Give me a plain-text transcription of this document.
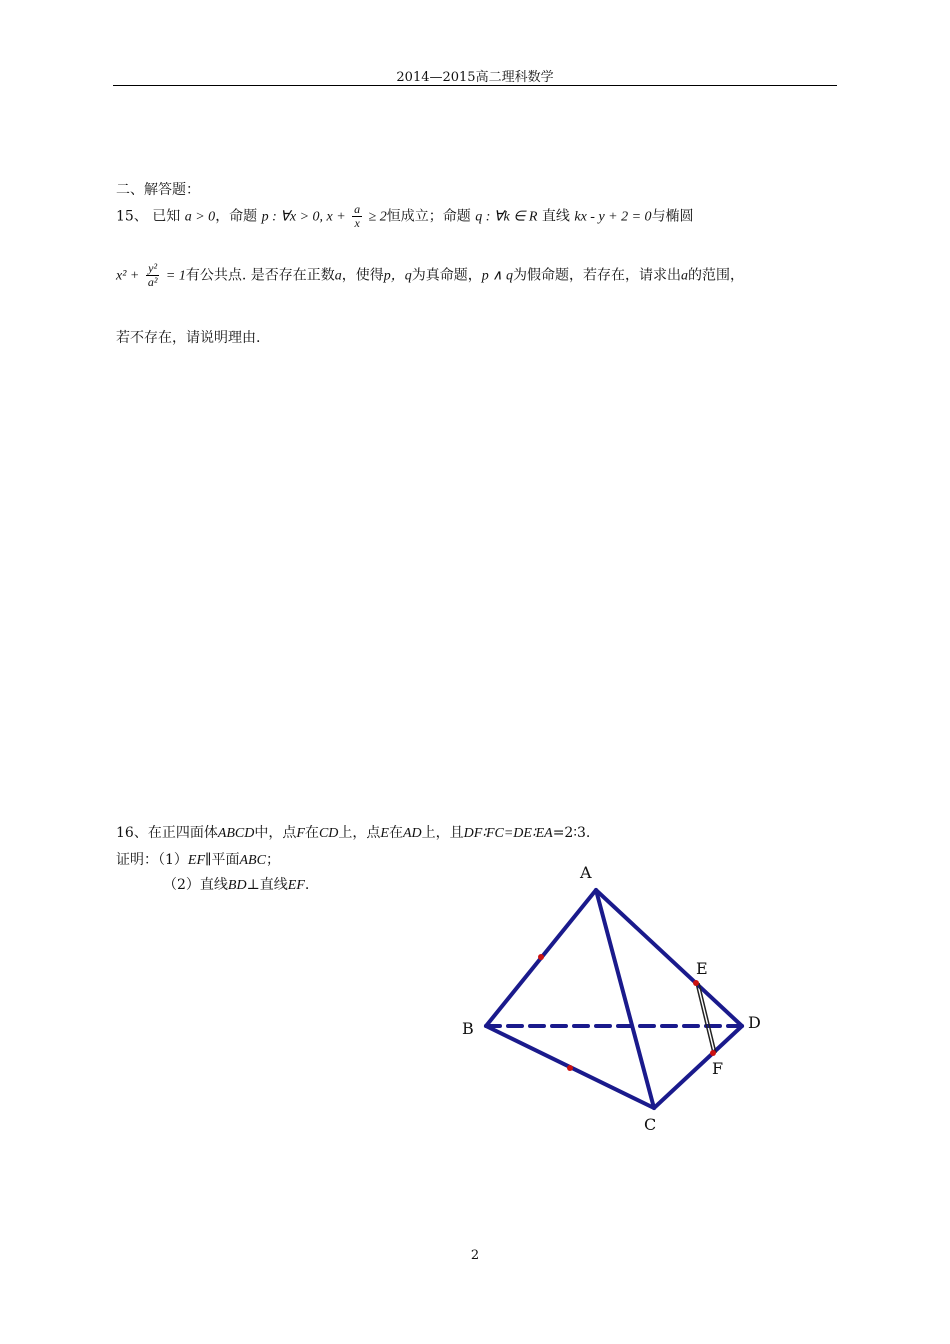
2014—2015高二理科数学
二、解答题：
15、 已知 a > 0，命题 p : ∀x > 0, $x + \frac{a}{x} \ge 2$恒成立；命题 q : ∀k ∈ R 直线 kx - y + 2 = 0与椭圆
$x^2 + \frac{\text{y²}}{\text{a²}} = 1$有公共点. 是否存在正数a，使得p，q为真命题，p ∧ q为假命题，若存在，请求出a的范围，
若不存在，请说明理由.
16、在正四面体ABCD中，点F在CD上，点E在AD上，且DF∶FC=DE∶EA=2∶3.
证明：（1）EF∥平面ABC；
（2）直线BD⊥直线EF.
A
B
C
D
E
F
2
